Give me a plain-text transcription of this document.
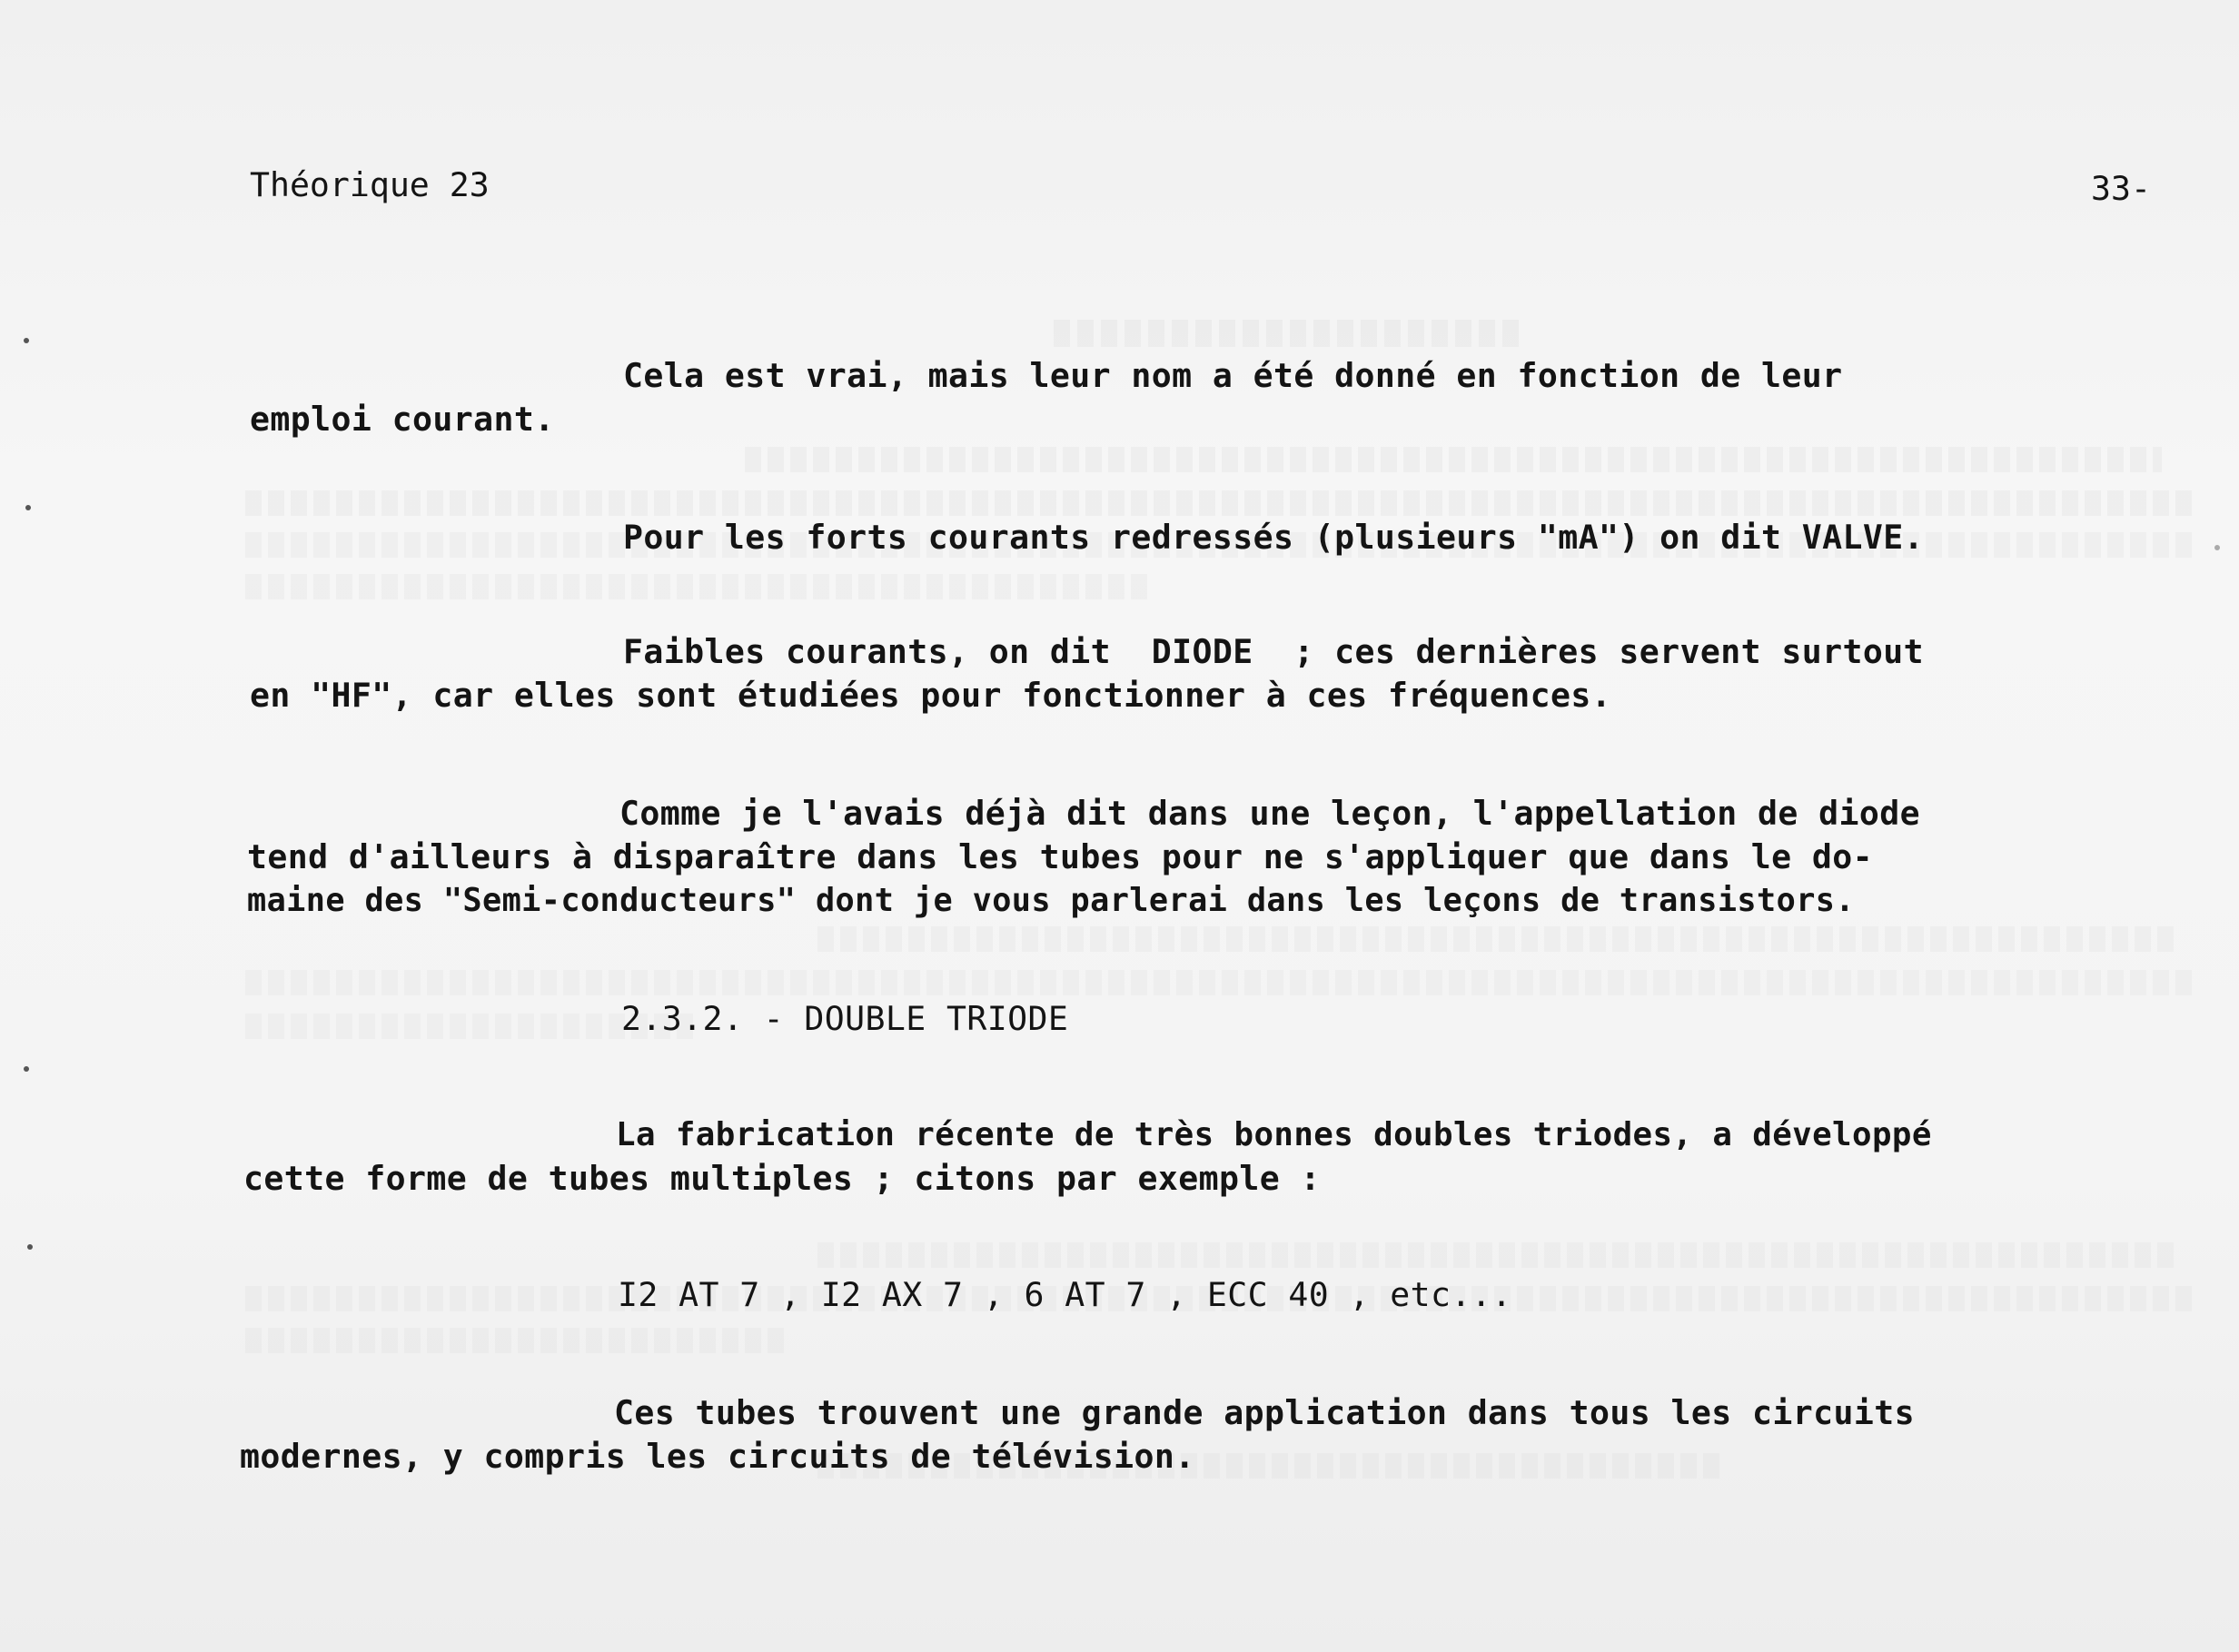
Théorique 23	33-
Cela est vrai, mais leur nom a été donné en fonction de leur
emploi courant.
Pour les forts courants redressés (plusieurs "mA") on dit VALVE.
Faibles courants, on dit  DIODE  ; ces dernières servent surtout
en "HF", car elles sont étudiées pour fonctionner à ces fréquences.
Comme je l'avais déjà dit dans une leçon, l'appellation de diode
tend d'ailleurs à disparaître dans les tubes pour ne s'appliquer que dans le do-
maine des "Semi-conducteurs" dont je vous parlerai dans les leçons de transistors.
2.3.2. - DOUBLE TRIODE
La fabrication récente de très bonnes doubles triodes, a développé
cette forme de tubes multiples ; citons par exemple :
I2 AT 7 , I2 AX 7 , 6 AT 7 , ECC 40 , etc...
Ces tubes trouvent une grande application dans tous les circuits
modernes, y compris les circuits de télévision.
